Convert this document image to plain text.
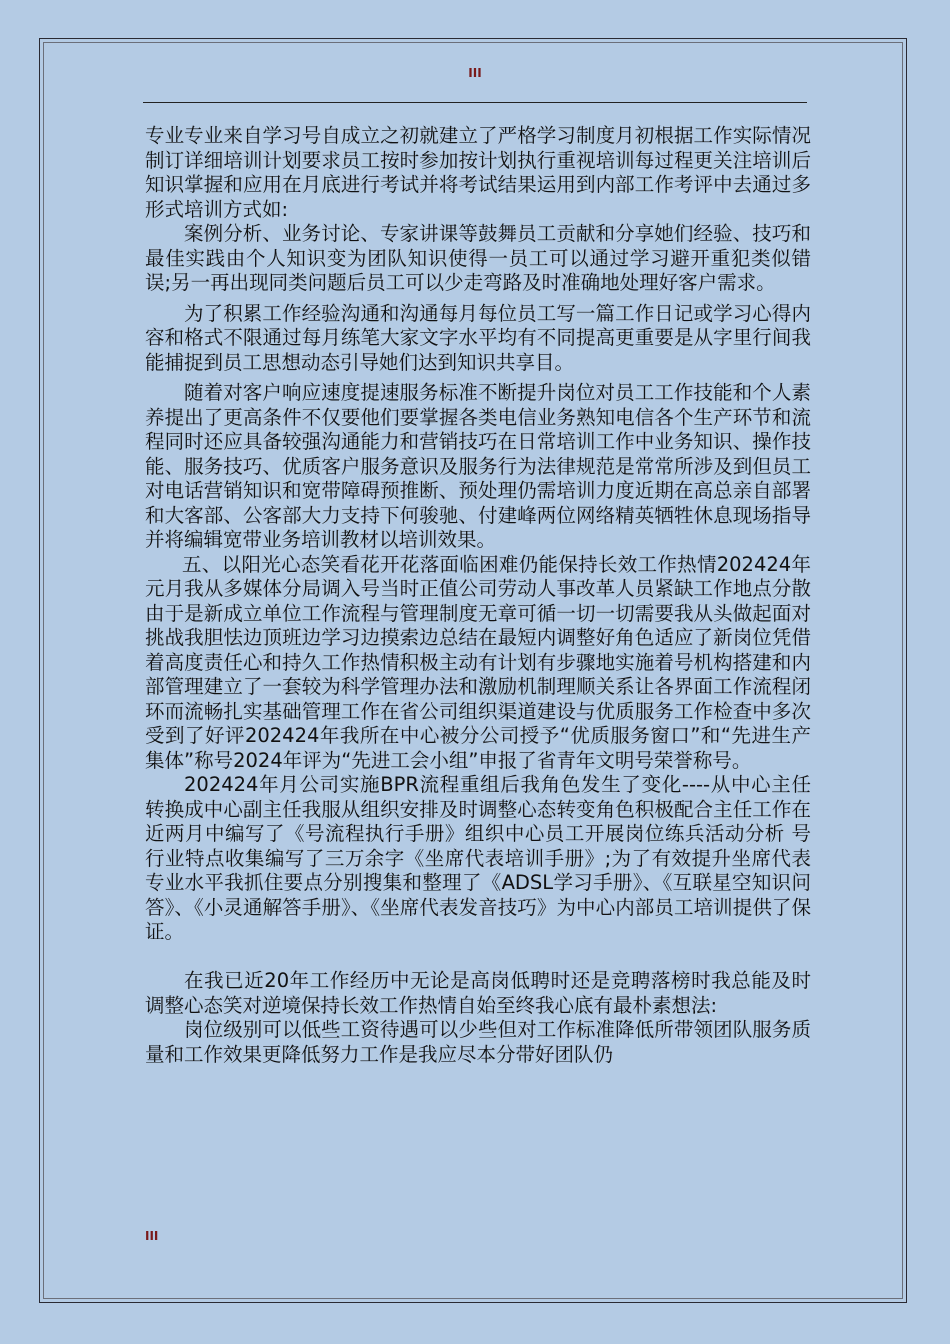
III

专业专业来自学习号自成立之初就建立了严格学习制度月初根据工作实际情况制订详细培训计划要求员工按时参加按计划执行重视培训每过程更关注培训后知识掌握和应用在月底进行考试并将考试结果运用到内部工作考评中去通过多形式培训方式如:

案例分析、业务讨论、专家讲课等鼓舞员工贡献和分享她们经验、技巧和最佳实践由个人知识变为团队知识使得一员工可以通过学习避开重犯类似错误;另一再出现同类问题后员工可以少走弯路及时准确地处理好客户需求。

为了积累工作经验沟通和沟通每月每位员工写一篇工作日记或学习心得内容和格式不限通过每月练笔大家文字水平均有不同提高更重要是从字里行间我能捕捉到员工思想动态引导她们达到知识共享目。

随着对客户响应速度提速服务标准不断提升岗位对员工工作技能和个人素养提出了更高条件不仅要他们要掌握各类电信业务熟知电信各个生产环节和流程同时还应具备较强沟通能力和营销技巧在日常培训工作中业务知识、操作技能、服务技巧、优质客户服务意识及服务行为法律规范是常常所涉及到但员工对电话营销知识和宽带障碍预推断、预处理仍需培训力度近期在高总亲自部署和大客部、公客部大力支持下何骏驰、付建峰两位网络精英牺牲休息现场指导并将编辑宽带业务培训教材以培训效果。

五、以阳光心态笑看花开花落面临困难仍能保持长效工作热情202424年元月我从多媒体分局调入号当时正值公司劳动人事改革人员紧缺工作地点分散由于是新成立单位工作流程与管理制度无章可循一切一切需要我从头做起面对挑战我胆怯边顶班边学习边摸索边总结在最短内调整好角色适应了新岗位凭借着高度责任心和持久工作热情积极主动有计划有步骤地实施着号机构搭建和内部管理建立了一套较为科学管理办法和激励机制理顺关系让各界面工作流程闭环而流畅扎实基础管理工作在省公司组织渠道建设与优质服务工作检查中多次受到了好评202424年我所在中心被分公司授予“优质服务窗口”和“先进生产集体”称号2024年评为“先进工会小组”申报了省青年文明号荣誉称号。

202424年月公司实施BPR流程重组后我角色发生了变化----从中心主任转换成中心副主任我服从组织安排及时调整心态转变角色积极配合主任工作在近两月中编写了《号流程执行手册》组织中心员工开展岗位练兵活动分析 号行业特点收集编写了三万余字《坐席代表培训手册》;为了有效提升坐席代表专业水平我抓住要点分别搜集和整理了《ADSL学习手册》、《互联星空知识问答》、《小灵通解答手册》、《坐席代表发音技巧》为中心内部员工培训提供了保证。

在我已近20年工作经历中无论是高岗低聘时还是竞聘落榜时我总能及时调整心态笑对逆境保持长效工作热情自始至终我心底有最朴素想法:

岗位级别可以低些工资待遇可以少些但对工作标准降低所带领团队服务质量和工作效果更降低努力工作是我应尽本分带好团队仍

III
